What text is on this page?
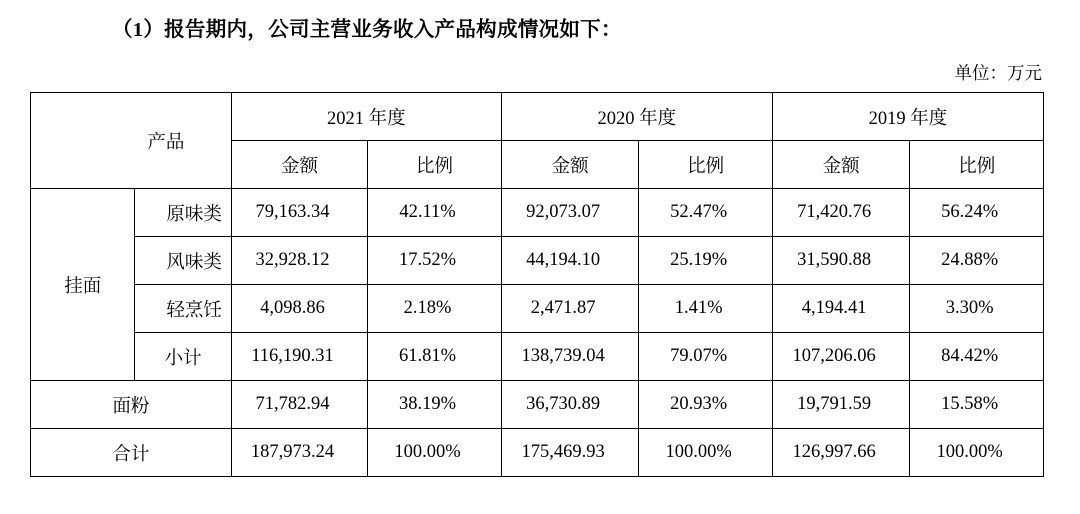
（1）报告期内，公司主营业务收入产品构成情况如下：
单位：万元
产品		2021 年度		2020 年度		2019 年度	
		金额	比例	金额	比例	金额	比例
挂面	原味类	79,163.34	42.11%	92,073.07	52.47%	71,420.76	56.24%
	风味类	32,928.12	17.52%	44,194.10	25.19%	31,590.88	24.88%
	轻烹饪	4,098.86	2.18%	2,471.87	1.41%	4,194.41	3.30%
	小计	116,190.31	61.81%	138,739.04	79.07%	107,206.06	84.42%
面粉		71,782.94	38.19%	36,730.89	20.93%	19,791.59	15.58%
合计		187,973.24	100.00%	175,469.93	100.00%	126,997.66	100.00%
